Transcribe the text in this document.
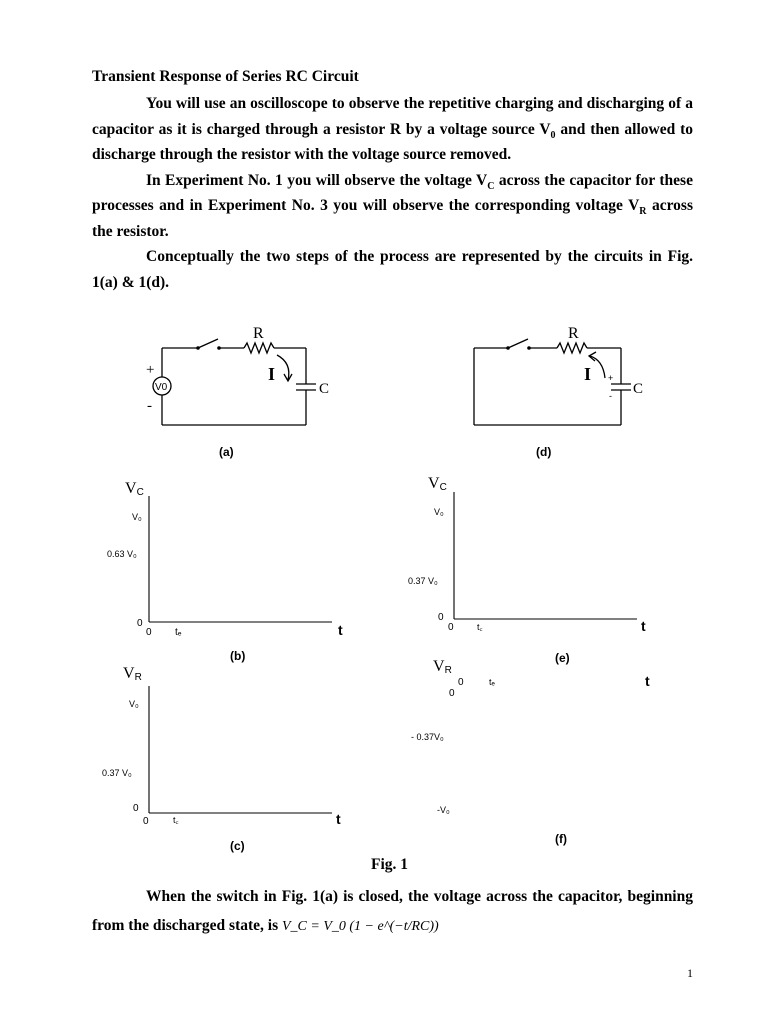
Transient Response of Series RC Circuit

You will use an oscilloscope to observe the repetitive charging and discharging of a capacitor as it is charged through a resistor R by a voltage source $V_0$ and then allowed to discharge through the resistor with the voltage source removed.

In Experiment No. 1 you will observe the voltage $V_C$ across the capacitor for these processes and in Experiment No. 3 you will observe the corresponding voltage $V_R$ across the resistor.

Conceptually the two steps of the process are represented by the circuits in Fig. 1(a) & 1(d).

R
I
C
+
-
V0
(a)
R
I
C
+
-
(d)
VC
V₀
0.63 V₀
0
0 tₑ	t
(b)
VC
V₀
0.37 V₀
0
0	t꜀	t
(e)
VR
V₀
0.37 V₀
0
0	t꜀	t
(c)
VR
0
- 0.37V₀
-V₀
0	tₑ	t
(f)
Fig. 1

When the switch in Fig. 1(a) is closed, the voltage across the capacitor, beginning from the discharged state, is V_C = V_0 (1 − e^(−t/RC))

1
